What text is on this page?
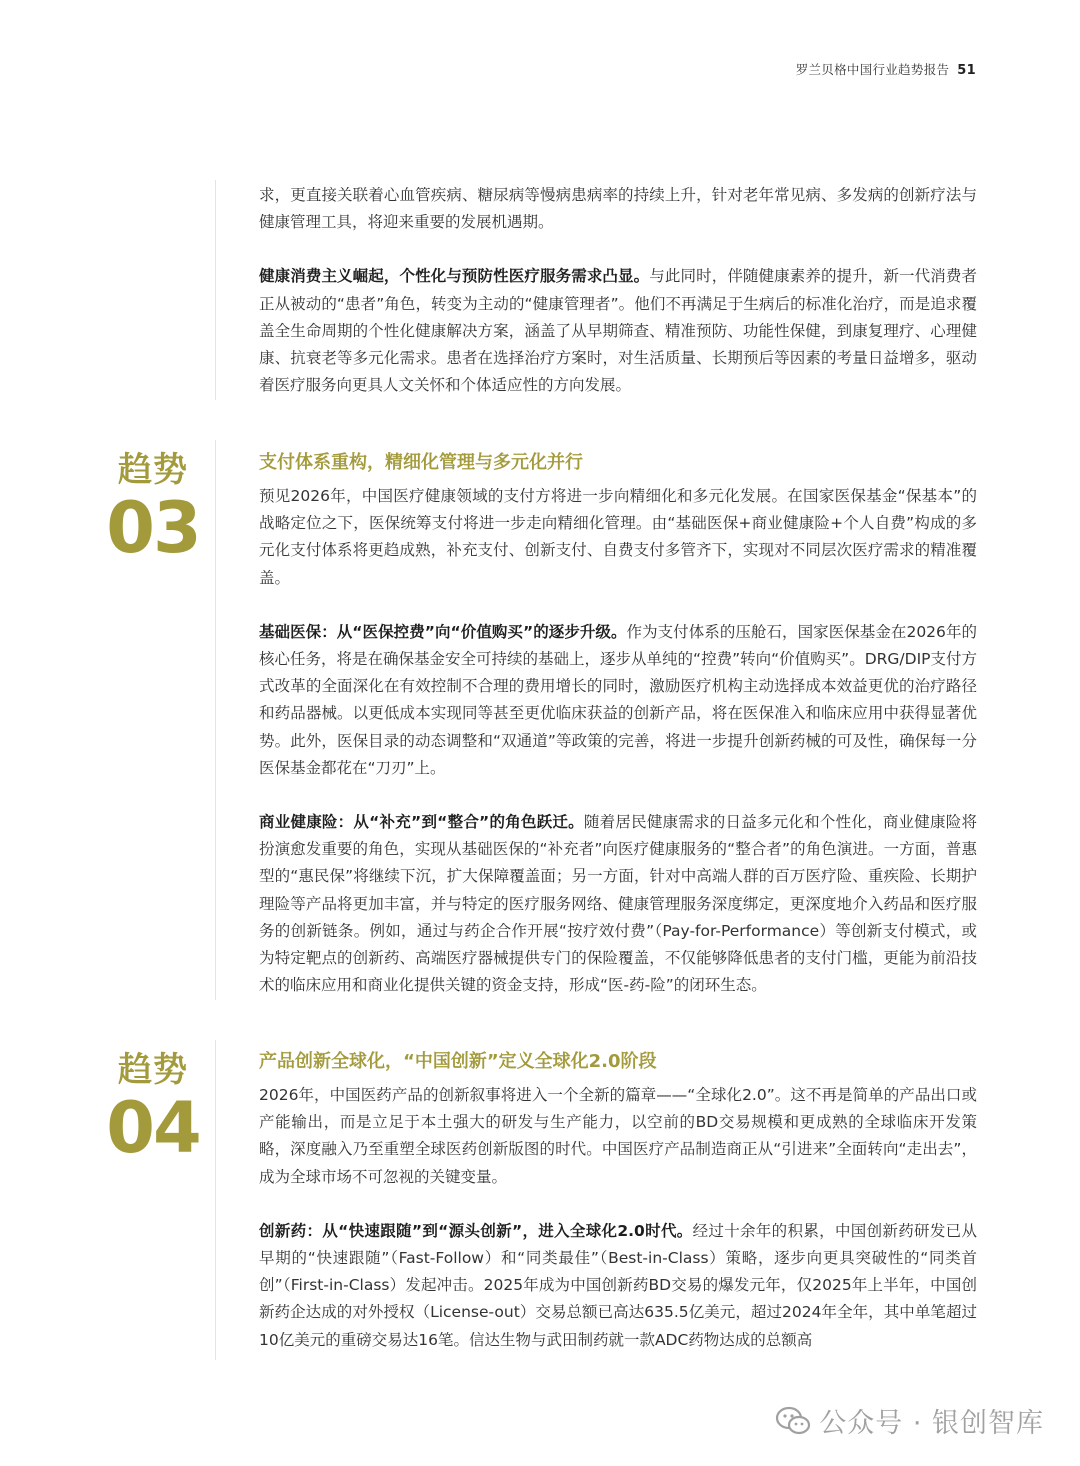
罗兰贝格中国行业趋势报告 51

求，更直接关联着心血管疾病、糖尿病等慢病患病率的持续上升，针对老年常见病、多发病的创新疗法与健康管理工具，将迎来重要的发展机遇期。

健康消费主义崛起，个性化与预防性医疗服务需求凸显。与此同时，伴随健康素养的提升，新一代消费者正从被动的“患者”角色，转变为主动的“健康管理者”。他们不再满足于生病后的标准化治疗，而是追求覆盖全生命周期的个性化健康解决方案，涵盖了从早期筛查、精准预防、功能性保健，到康复理疗、心理健康、抗衰老等多元化需求。患者在选择治疗方案时，对生活质量、长期预后等因素的考量日益增多，驱动着医疗服务向更具人文关怀和个体适应性的方向发展。

趋势
03
支付体系重构，精细化管理与多元化并行

预见2026年，中国医疗健康领域的支付方将进一步向精细化和多元化发展。在国家医保基金“保基本”的战略定位之下，医保统筹支付将进一步走向精细化管理。由“基础医保+商业健康险+个人自费”构成的多元化支付体系将更趋成熟，补充支付、创新支付、自费支付多管齐下，实现对不同层次医疗需求的精准覆盖。

基础医保：从“医保控费”向“价值购买”的逐步升级。作为支付体系的压舱石，国家医保基金在2026年的核心任务，将是在确保基金安全可持续的基础上，逐步从单纯的“控费”转向“价值购买”。DRG/DIP支付方式改革的全面深化在有效控制不合理的费用增长的同时，激励医疗机构主动选择成本效益更优的治疗路径和药品器械。以更低成本实现同等甚至更优临床获益的创新产品，将在医保准入和临床应用中获得显著优势。此外，医保目录的动态调整和“双通道”等政策的完善，将进一步提升创新药械的可及性，确保每一分医保基金都花在“刀刃”上。

商业健康险：从“补充”到“整合”的角色跃迁。随着居民健康需求的日益多元化和个性化，商业健康险将扮演愈发重要的角色，实现从基础医保的“补充者”向医疗健康服务的“整合者”的角色演进。一方面，普惠型的“惠民保”将继续下沉，扩大保障覆盖面；另一方面，针对中高端人群的百万医疗险、重疾险、长期护理险等产品将更加丰富，并与特定的医疗服务网络、健康管理服务深度绑定，更深度地介入药品和医疗服务的创新链条。例如，通过与药企合作开展“按疗效付费”（Pay-for-Performance）等创新支付模式，或为特定靶点的创新药、高端医疗器械提供专门的保险覆盖，不仅能够降低患者的支付门槛，更能为前沿技术的临床应用和商业化提供关键的资金支持，形成“医-药-险”的闭环生态。

趋势
04
产品创新全球化，“中国创新”定义全球化2.0阶段

2026年，中国医药产品的创新叙事将进入一个全新的篇章——“全球化2.0”。这不再是简单的产品出口或产能输出，而是立足于本土强大的研发与生产能力，以空前的BD交易规模和更成熟的全球临床开发策略，深度融入乃至重塑全球医药创新版图的时代。中国医疗产品制造商正从“引进来”全面转向“走出去”，成为全球市场不可忽视的关键变量。

创新药：从“快速跟随”到“源头创新”，进入全球化2.0时代。经过十余年的积累，中国创新药研发已从早期的“快速跟随”（Fast-Follow）和“同类最佳”（Best-in-Class）策略，逐步向更具突破性的“同类首创”（First-in-Class）发起冲击。2025年成为中国创新药BD交易的爆发元年，仅2025年上半年，中国创新药企达成的对外授权（License-out）交易总额已高达635.5亿美元，超过2024年全年，其中单笔超过10亿美元的重磅交易达16笔。信达生物与武田制药就一款ADC药物达成的总额高

公众号 · 银创智库
